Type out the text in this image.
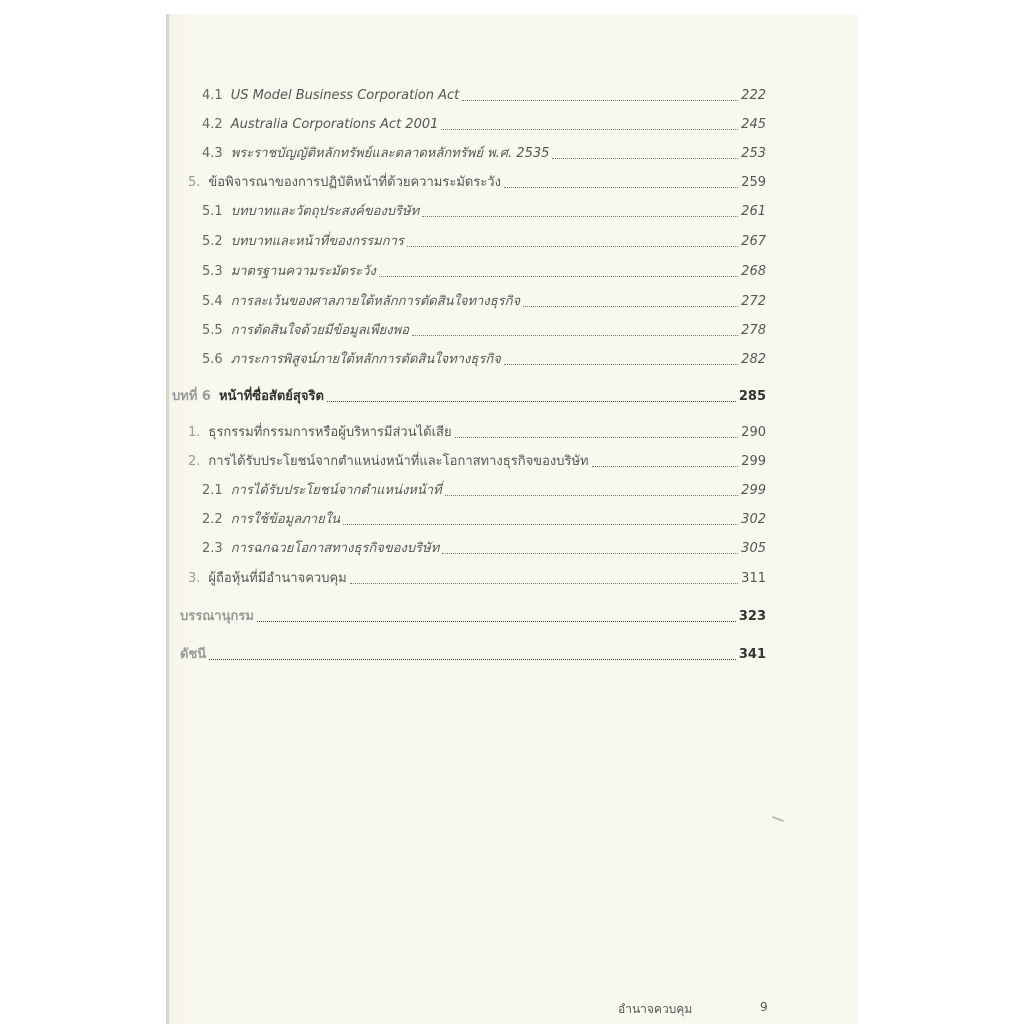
4.1 US Model Business Corporation Act	222
4.2 Australia Corporations Act 2001	245
4.3 พระราชบัญญัติหลักทรัพย์และตลาดหลักทรัพย์ พ.ศ. 2535	253
5. ข้อพิจารณาของการปฏิบัติหน้าที่ด้วยความระมัดระวัง	259
5.1 บทบาทและวัตถุประสงค์ของบริษัท	261
5.2 บทบาทและหน้าที่ของกรรมการ	267
5.3 มาตรฐานความระมัดระวัง	268
5.4 การละเว้นของศาลภายใต้หลักการตัดสินใจทางธุรกิจ	272
5.5 การตัดสินใจด้วยมีข้อมูลเพียงพอ	278
5.6 ภาระการพิสูจน์ภายใต้หลักการตัดสินใจทางธุรกิจ	282
บทที่ 6 หน้าที่ซื่อสัตย์สุจริต	285
1. ธุรกรรมที่กรรมการหรือผู้บริหารมีส่วนได้เสีย	290
2. การได้รับประโยชน์จากตำแหน่งหน้าที่และโอกาสทางธุรกิจของบริษัท	299
2.1 การได้รับประโยชน์จากตำแหน่งหน้าที่	299
2.2 การใช้ข้อมูลภายใน	302
2.3 การฉกฉวยโอกาสทางธุรกิจของบริษัท	305
3. ผู้ถือหุ้นที่มีอำนาจควบคุม	311
บรรณานุกรม	323
ดัชนี	341
อำนาจควบคุม	9
